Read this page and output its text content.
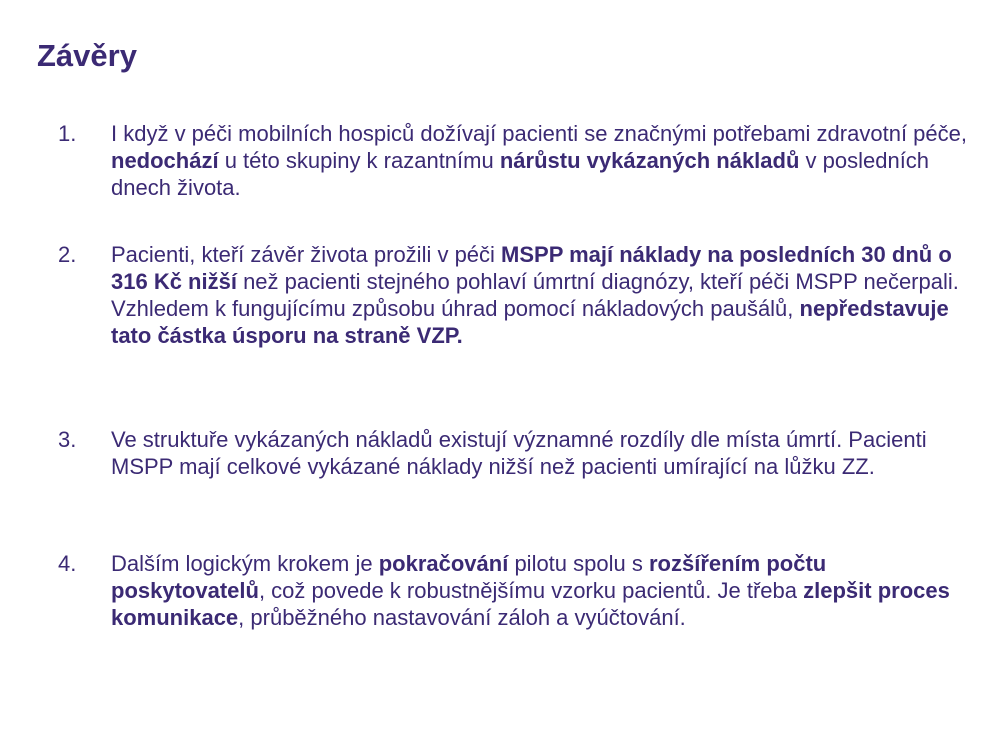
Závěry
1.	I když v péči mobilních hospiců dožívají pacienti se značnými potřebami zdravotní péče, nedochází u této skupiny k razantnímu nárůstu vykázaných nákladů v posledních dnech života.

2.	Pacienti, kteří závěr života prožili v péči MSPP mají náklady na posledních 30 dnů o 316 Kč nižší než pacienti stejného pohlaví úmrtní diagnózy, kteří péči MSPP nečerpali. Vzhledem k fungujícímu způsobu úhrad pomocí nákladových paušálů, nepředstavuje tato částka úsporu na straně VZP.

3.	Ve struktuře vykázaných nákladů existují významné rozdíly dle místa úmrtí. Pacienti MSPP mají celkové vykázané náklady nižší než pacienti umírající na lůžku ZZ.

4.	Dalším logickým krokem je pokračování pilotu spolu s rozšířením počtu poskytovatelů, což povede k robustnějšímu vzorku pacientů. Je třeba zlepšit proces komunikace, průběžného nastavování záloh a vyúčtování.
